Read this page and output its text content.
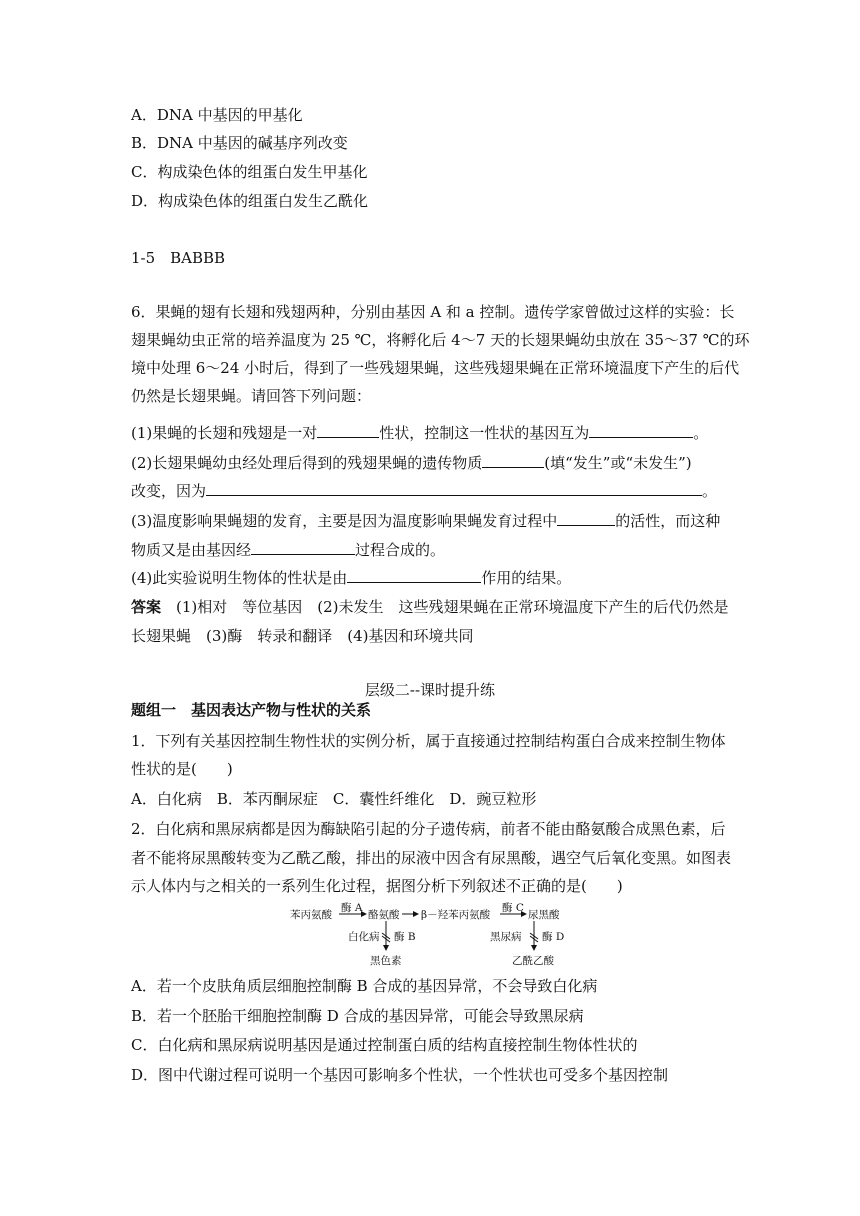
A．DNA 中基因的甲基化
B．DNA 中基因的碱基序列改变
C．构成染色体的组蛋白发生甲基化
D．构成染色体的组蛋白发生乙酰化
1-5　BABBB
6．果蝇的翅有长翅和残翅两种，分别由基因 A 和 a 控制。遗传学家曾做过这样的实验：长
翅果蝇幼虫正常的培养温度为 25 ℃，将孵化后 4～7 天的长翅果蝇幼虫放在 35～37 ℃的环
境中处理 6～24 小时后，得到了一些残翅果蝇，这些残翅果蝇在正常环境温度下产生的后代
仍然是长翅果蝇。请回答下列问题：
(1)果蝇的长翅和残翅是一对	性状，控制这一性状的基因互为	。
(2)长翅果蝇幼虫经处理后得到的残翅果蝇的遗传物质	(填“发生”或“未发生”)
改变，因为	。
(3)温度影响果蝇翅的发育，主要是因为温度影响果蝇发育过程中	的活性，而这种
物质又是由基因经	过程合成的。
(4)此实验说明生物体的性状是由	作用的结果。
答案　(1)相对　等位基因　(2)未发生　这些残翅果蝇在正常环境温度下产生的后代仍然是
长翅果蝇　(3)酶　转录和翻译　(4)基因和环境共同
层级二--课时提升练
题组一　基因表达产物与性状的关系
1．下列有关基因控制生物性状的实例分析，属于直接通过控制结构蛋白合成来控制生物体
性状的是(　　)
A．白化病　B．苯丙酮尿症　C．囊性纤维化　D．豌豆粒形
2．白化病和黑尿病都是因为酶缺陷引起的分子遗传病，前者不能由酪氨酸合成黑色素，后
者不能将尿黑酸转变为乙酰乙酸，排出的尿液中因含有尿黑酸，遇空气后氧化变黑。如图表
示人体内与之相关的一系列生化过程，据图分析下列叙述不正确的是(　　)
苯丙氨酸
酶 A
酪氨酸 β－羟苯丙氨酸
酶 C
尿黑酸
白化病 酶 B
黑色素
黑尿病 酶 D
乙酰乙酸
A．若一个皮肤角质层细胞控制酶 B 合成的基因异常，不会导致白化病
B．若一个胚胎干细胞控制酶 D 合成的基因异常，可能会导致黑尿病
C．白化病和黑尿病说明基因是通过控制蛋白质的结构直接控制生物体性状的
D．图中代谢过程可说明一个基因可影响多个性状，一个性状也可受多个基因控制
